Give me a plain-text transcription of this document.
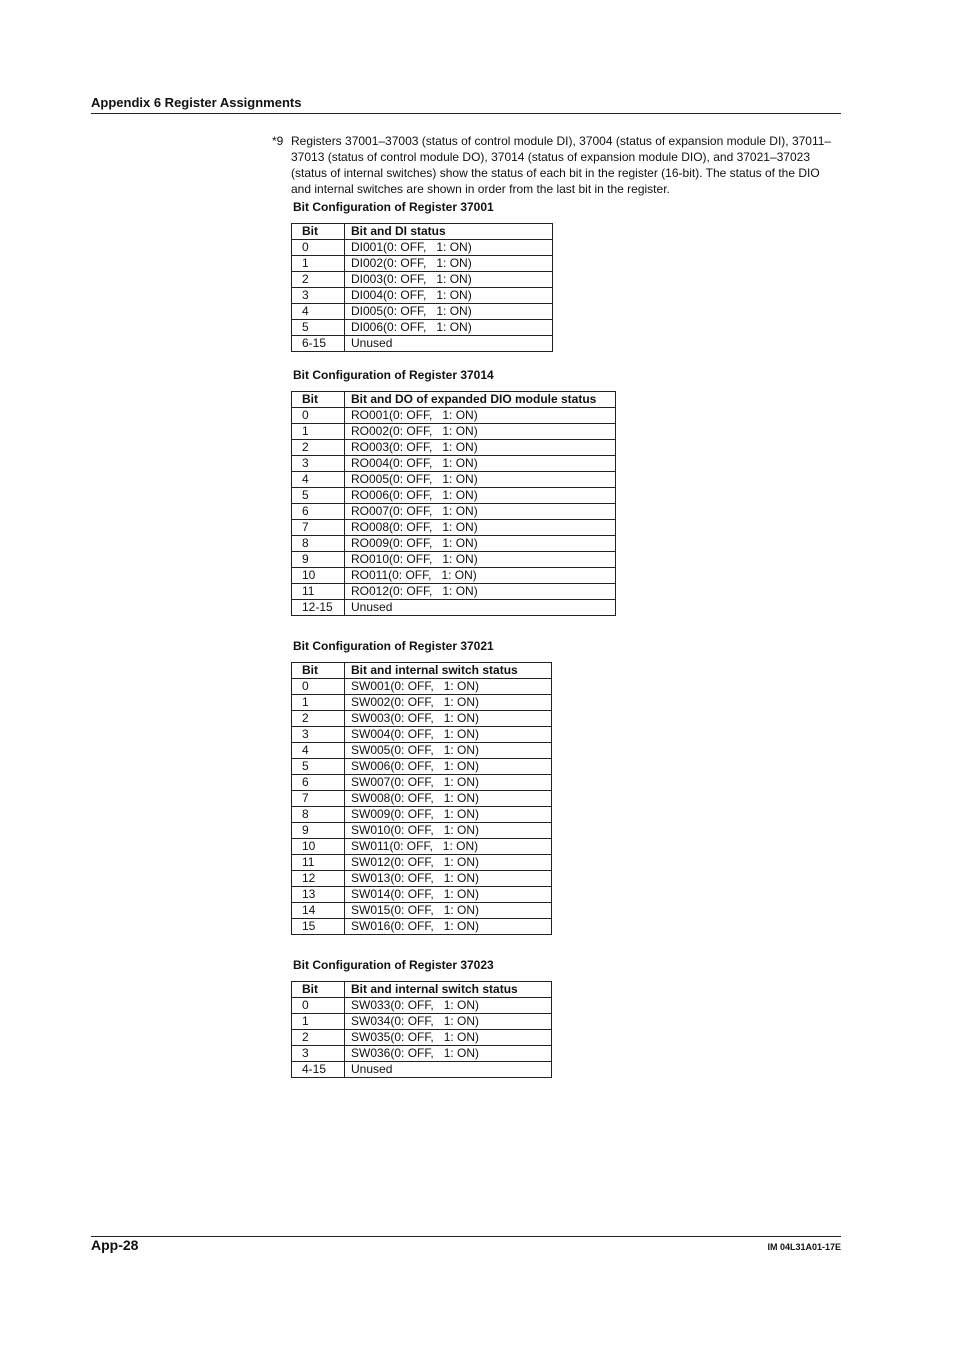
Appendix 6 Register Assignments
*9 Registers 37001–37003 (status of control module DI), 37004 (status of expansion module DI), 37011–37013 (status of control module DO), 37014 (status of expansion module DIO), and 37021–37023 (status of internal switches) show the status of each bit in the register (16-bit). The status of the DIO and internal switches are shown in order from the last bit in the register.
Bit Configuration of Register 37001
Bit	Bit and DI status
0	DI001(0: OFF,   1: ON)
1	DI002(0: OFF,   1: ON)
2	DI003(0: OFF,   1: ON)
3	DI004(0: OFF,   1: ON)
4	DI005(0: OFF,   1: ON)
5	DI006(0: OFF,   1: ON)
6-15	Unused
Bit Configuration of Register 37014
Bit	Bit and DO of expanded DIO module status
0	RO001(0: OFF,   1: ON)
1	RO002(0: OFF,   1: ON)
2	RO003(0: OFF,   1: ON)
3	RO004(0: OFF,   1: ON)
4	RO005(0: OFF,   1: ON)
5	RO006(0: OFF,   1: ON)
6	RO007(0: OFF,   1: ON)
7	RO008(0: OFF,   1: ON)
8	RO009(0: OFF,   1: ON)
9	RO010(0: OFF,   1: ON)
10	RO011(0: OFF,   1: ON)
11	RO012(0: OFF,   1: ON)
12-15	Unused
Bit Configuration of Register 37021
Bit	Bit and internal switch status
0	SW001(0: OFF,   1: ON)
1	SW002(0: OFF,   1: ON)
2	SW003(0: OFF,   1: ON)
3	SW004(0: OFF,   1: ON)
4	SW005(0: OFF,   1: ON)
5	SW006(0: OFF,   1: ON)
6	SW007(0: OFF,   1: ON)
7	SW008(0: OFF,   1: ON)
8	SW009(0: OFF,   1: ON)
9	SW010(0: OFF,   1: ON)
10	SW011(0: OFF,   1: ON)
11	SW012(0: OFF,   1: ON)
12	SW013(0: OFF,   1: ON)
13	SW014(0: OFF,   1: ON)
14	SW015(0: OFF,   1: ON)
15	SW016(0: OFF,   1: ON)
Bit Configuration of Register 37023
Bit	Bit and internal switch status
0	SW033(0: OFF,   1: ON)
1	SW034(0: OFF,   1: ON)
2	SW035(0: OFF,   1: ON)
3	SW036(0: OFF,   1: ON)
4-15	Unused
App-28	IM 04L31A01-17E
